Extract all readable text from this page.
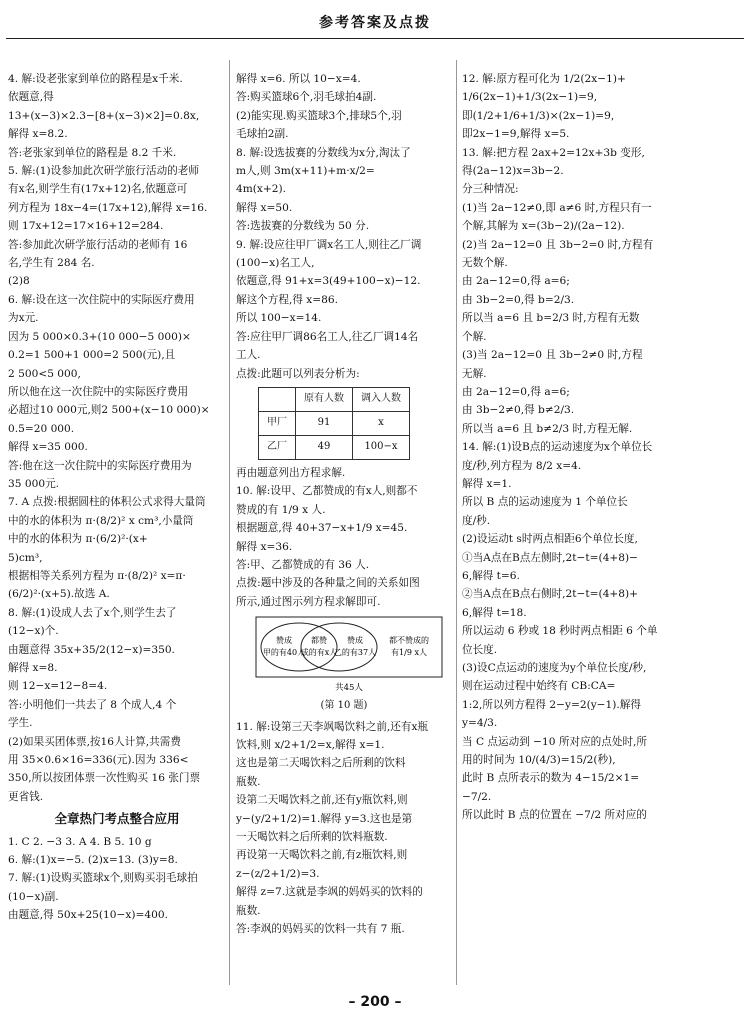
参考答案及点拨
4. 解:设老张家到单位的路程是x千米.
依题意,得
13+(x−3)×2.3−[8+(x−3)×2]=0.8x,
解得 x=8.2.
答:老张家到单位的路程是 8.2 千米.
5. 解:(1)设参加此次研学旅行活动的老师
有x名,则学生有(17x+12)名,依题意可
列方程为 18x−4=(17x+12),解得 x=16.
则 17x+12=17×16+12=284.
答:参加此次研学旅行活动的老师有 16
名,学生有 284 名.
(2)8
6. 解:设在这一次住院中的实际医疗费用
为x元.
因为 5 000×0.3+(10 000−5 000)×
0.2=1 500+1 000=2 500(元),且
2 500<5 000,
所以他在这一次住院中的实际医疗费用
必超过10 000元,则2 500+(x−10 000)×
0.5=20 000.
解得 x=35 000.
答:他在这一次住院中的实际医疗费用为
35 000元.
7. A 点拨:根据圆柱的体积公式求得大量筒
中的水的体积为 π·(8/2)² x cm³,小量筒
中的水的体积为 π·(6/2)²·(x+
5)cm³,
根据相等关系列方程为 π·(8/2)² x=π·
(6/2)²·(x+5).故选 A.
8. 解:(1)设成人去了x个,则学生去了
(12−x)个.
由题意得 35x+35/2(12−x)=350.
解得 x=8.
则 12−x=12−8=4.
答:小明他们一共去了 8 个成人,4 个
学生.
(2)如果买团体票,按16人计算,共需费
用 35×0.6×16=336(元).因为 336<
350,所以按团体票一次性购买 16 张门票
更省钱.
全章热门考点整合应用
1. C 2. −3 3. A 4. B 5. 10 g
6. 解:(1)x=−5. (2)x=13. (3)y=8.
7. 解:(1)设购买篮球x个,则购买羽毛球拍
(10−x)副.
由题意,得 50x+25(10−x)=400.
解得 x=6. 所以 10−x=4.
答:购买篮球6个,羽毛球拍4副.
(2)能实现.购买篮球3个,排球5个,羽
毛球拍2副.
8. 解:设选拔赛的分数线为x分,淘汰了
m人,则 3m(x+11)+m·x/2=
4m(x+2).
解得 x=50.
答:选拔赛的分数线为 50 分.
9. 解:设应往甲厂调x名工人,则往乙厂调
(100−x)名工人,
依题意,得 91+x=3(49+100−x)−12.
解这个方程,得 x=86.
所以 100−x=14.
答:应往甲厂调86名工人,往乙厂调14名
工人.
点拨:此题可以列表分析为:
	原有人数	调入人数
甲厂	91	x
乙厂	49	100−x
再由题意列出方程求解.
10. 解:设甲、乙都赞成的有x人,则都不
赞成的有 1/9 x 人.
根据题意,得 40+37−x+1/9 x=45.
解得 x=36.
答:甲、乙都赞成的有 36 人.
点拨:题中涉及的各种量之间的关系如图
所示,通过图示列方程求解即可.
赞成
甲的有40人
都赞
成的有x人
赞成
乙的有37人
都不赞成的
有1/9 x人
共45人
(第 10 题)
11. 解:设第三天李飒喝饮料之前,还有x瓶
饮料,则 x/2+1/2=x,解得 x=1.
这也是第二天喝饮料之后所剩的饮料
瓶数.
设第二天喝饮料之前,还有y瓶饮料,则
y−(y/2+1/2)=1.解得 y=3.这也是第
一天喝饮料之后所剩的饮料瓶数.
再设第一天喝饮料之前,有z瓶饮料,则
z−(z/2+1/2)=3.
解得 z=7.这就是李飒的妈妈买的饮料的
瓶数.
答:李飒的妈妈买的饮料一共有 7 瓶.
12. 解:原方程可化为 1/2(2x−1)+
1/6(2x−1)+1/3(2x−1)=9,
即(1/2+1/6+1/3)×(2x−1)=9,
即2x−1=9,解得 x=5.
13. 解:把方程 2ax+2=12x+3b 变形,
得(2a−12)x=3b−2.
分三种情况:
(1)当 2a−12≠0,即 a≠6 时,方程只有一
个解,其解为 x=(3b−2)/(2a−12).
(2)当 2a−12=0 且 3b−2=0 时,方程有
无数个解.
由 2a−12=0,得 a=6;
由 3b−2=0,得 b=2/3.
所以当 a=6 且 b=2/3 时,方程有无数
个解.
(3)当 2a−12=0 且 3b−2≠0 时,方程
无解.
由 2a−12=0,得 a=6;
由 3b−2≠0,得 b≠2/3.
所以当 a=6 且 b≠2/3 时,方程无解.
14. 解:(1)设B点的运动速度为x个单位长
度/秒,列方程为 8/2 x=4.
解得 x=1.
所以 B 点的运动速度为 1 个单位长
度/秒.
(2)设运动t s时两点相距6个单位长度,
①当A点在B点左侧时,2t−t=(4+8)−
6,解得 t=6.
②当A点在B点右侧时,2t−t=(4+8)+
6,解得 t=18.
所以运动 6 秒或 18 秒时两点相距 6 个单
位长度.
(3)设C点运动的速度为y个单位长度/秒,
则在运动过程中始终有 CB:CA=
1:2,所以列方程得 2−y=2(y−1).解得
y=4/3.
当 C 点运动到 −10 所对应的点处时,所
用的时间为 10/(4/3)=15/2(秒),
此时 B 点所表示的数为 4−15/2×1=
−7/2.
所以此时 B 点的位置在 −7/2 所对应的
– 200 –
